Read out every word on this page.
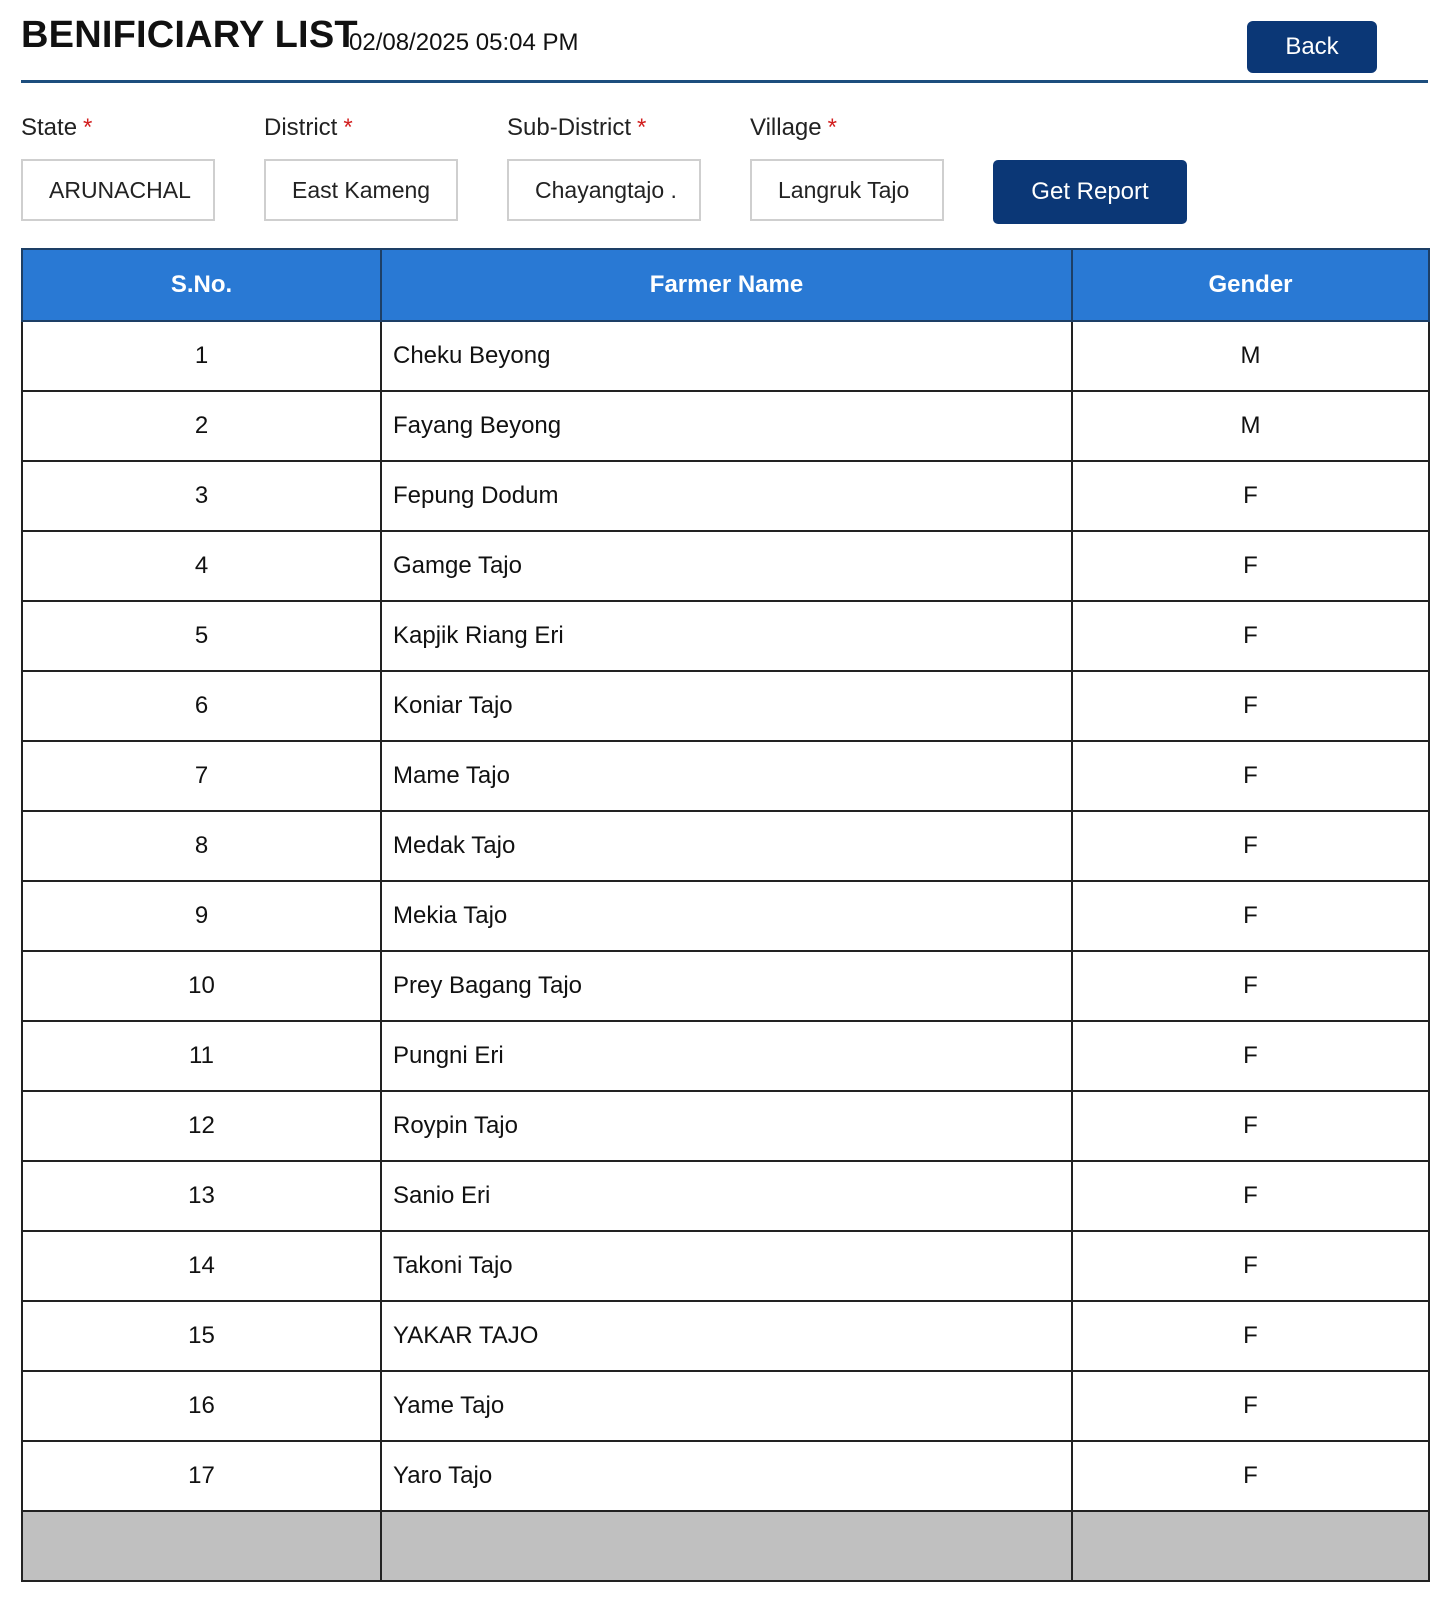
BENIFICIARY LIST
02/08/2025 05:04 PM	Back
State *
ARUNACHAL
District *
East Kameng
Sub-District *
Chayangtajo .
Village *
Langruk Tajo	Get Report
S.No.	Farmer Name	Gender
1	Cheku Beyong	M
2	Fayang Beyong	M
3	Fepung Dodum	F
4	Gamge Tajo	F
5	Kapjik Riang Eri	F
6	Koniar Tajo	F
7	Mame Tajo	F
8	Medak Tajo	F
9	Mekia Tajo	F
10	Prey Bagang Tajo	F
11	Pungni Eri	F
12	Roypin Tajo	F
13	Sanio Eri	F
14	Takoni Tajo	F
15	YAKAR TAJO	F
16	Yame Tajo	F
17	Yaro Tajo	F
